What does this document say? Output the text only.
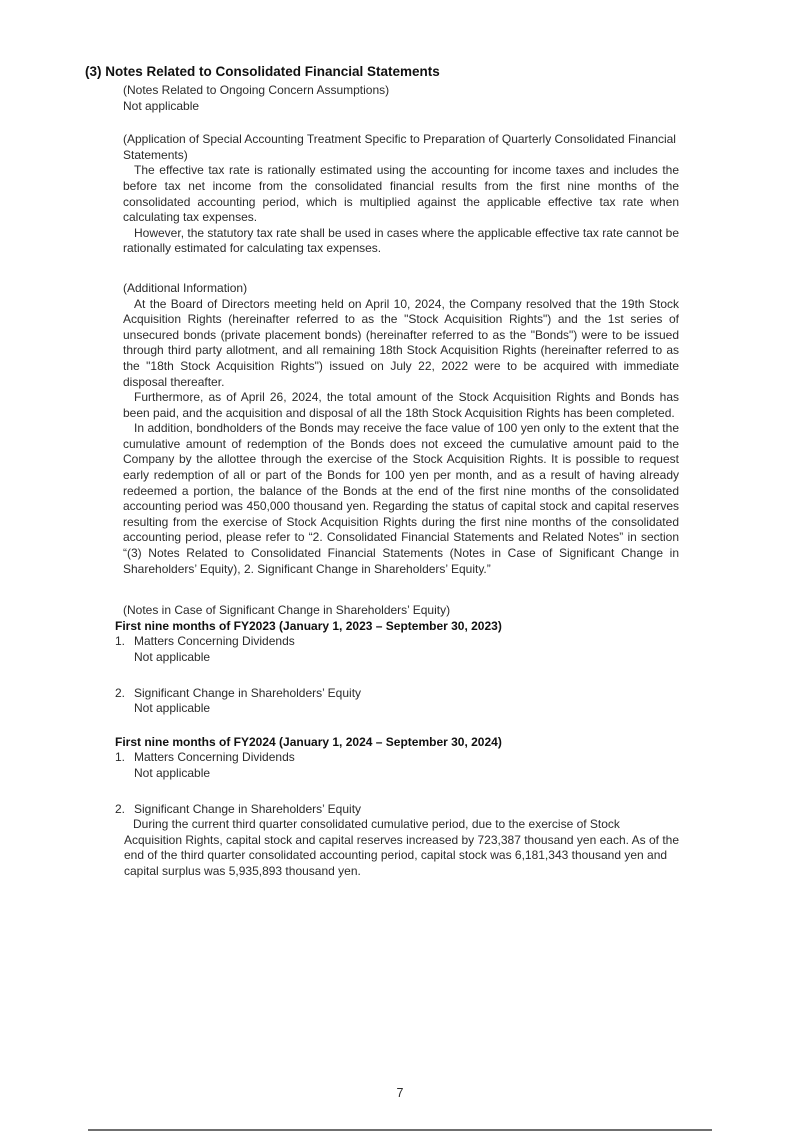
(3) Notes Related to Consolidated Financial Statements

(Notes Related to Ongoing Concern Assumptions)

Not applicable

(Application of Special Accounting Treatment Specific to Preparation of Quarterly Consolidated Financial Statements)

The effective tax rate is rationally estimated using the accounting for income taxes and includes the before tax net income from the consolidated financial results from the first nine months of the consolidated accounting period, which is multiplied against the applicable effective tax rate when calculating tax expenses.

However, the statutory tax rate shall be used in cases where the applicable effective tax rate cannot be rationally estimated for calculating tax expenses.

(Additional Information)

At the Board of Directors meeting held on April 10, 2024, the Company resolved that the 19th Stock Acquisition Rights (hereinafter referred to as the "Stock Acquisition Rights") and the 1st series of unsecured bonds (private placement bonds) (hereinafter referred to as the "Bonds") were to be issued through third party allotment, and all remaining 18th Stock Acquisition Rights (hereinafter referred to as the "18th Stock Acquisition Rights") issued on July 22, 2022 were to be acquired with immediate disposal thereafter.

Furthermore, as of April 26, 2024, the total amount of the Stock Acquisition Rights and Bonds has been paid, and the acquisition and disposal of all the 18th Stock Acquisition Rights has been completed.

In addition, bondholders of the Bonds may receive the face value of 100 yen only to the extent that the cumulative amount of redemption of the Bonds does not exceed the cumulative amount paid to the Company by the allottee through the exercise of the Stock Acquisition Rights. It is possible to request early redemption of all or part of the Bonds for 100 yen per month, and as a result of having already redeemed a portion, the balance of the Bonds at the end of the first nine months of the consolidated accounting period was 450,000 thousand yen. Regarding the status of capital stock and capital reserves resulting from the exercise of Stock Acquisition Rights during the first nine months of the consolidated accounting period, please refer to “2. Consolidated Financial Statements and Related Notes” in section “(3) Notes Related to Consolidated Financial Statements (Notes in Case of Significant Change in Shareholders’ Equity), 2. Significant Change in Shareholders’ Equity.”

(Notes in Case of Significant Change in Shareholders’ Equity)

First nine months of FY2023 (January 1, 2023 – September 30, 2023)

1. Matters Concerning Dividends

Not applicable

2. Significant Change in Shareholders’ Equity

Not applicable

First nine months of FY2024 (January 1, 2024 – September 30, 2024)

1. Matters Concerning Dividends

Not applicable

2. Significant Change in Shareholders’ Equity

During the current third quarter consolidated cumulative period, due to the exercise of Stock Acquisition Rights, capital stock and capital reserves increased by 723,387 thousand yen each. As of the end of the third quarter consolidated accounting period, capital stock was 6,181,343 thousand yen and capital surplus was 5,935,893 thousand yen.

7
